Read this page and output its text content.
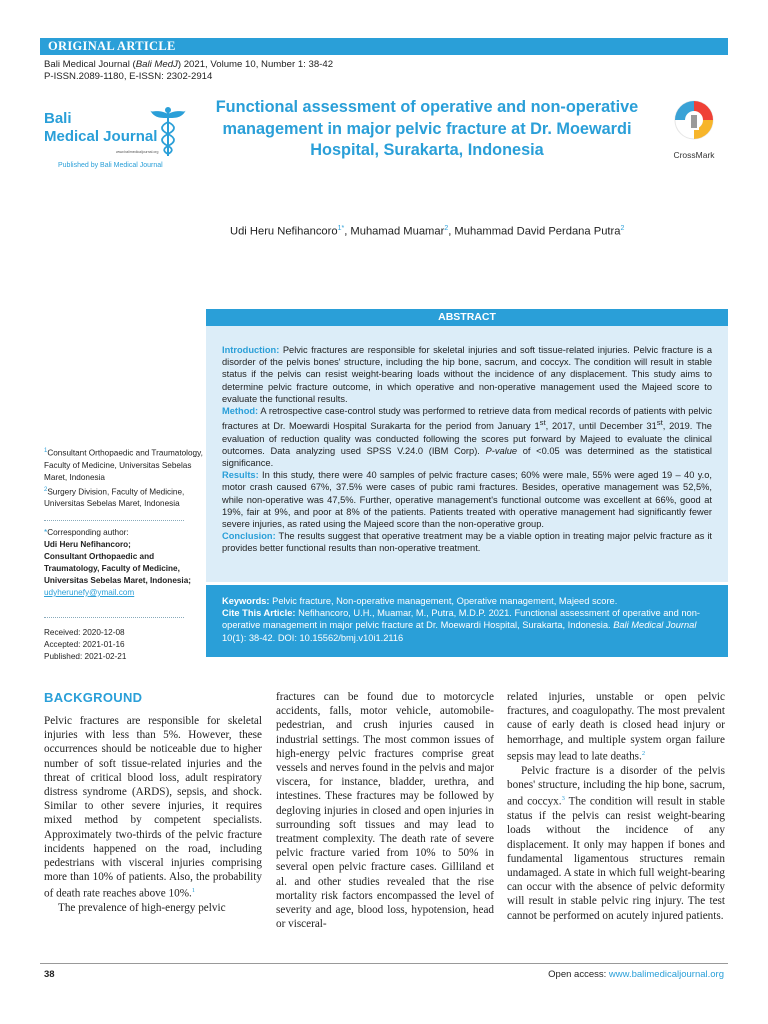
ORIGINAL ARTICLE
Bali Medical Journal (Bali MedJ) 2021, Volume 10, Number 1: 38-42
P-ISSN.2089-1180, E-ISSN: 2302-2914
Bali
Medical Journal
www.balimedicaljournal.org
Published by Bali Medical Journal
Functional assessment of operative and non-operative management in major pelvic fracture at Dr. Moewardi Hospital, Surakarta, Indonesia	CrossMark
Udi Heru Nefihancoro$^{1*}$, Muhamad Muamar$^2$, Muhammad David Perdana Putra$^2$
ABSTRACT

Introduction: Pelvic fractures are responsible for skeletal injuries and soft tissue-related injuries. Pelvic fracture is a disorder of the pelvis bones' structure, including the hip bone, sacrum, and coccyx. The condition will result in stable status if the pelvis can resist weight-bearing loads without the incidence of any displacement. This study aims to determine pelvic fracture outcome, in which operative and non-operative management used the Majeed score to evaluate the functional results.

Method: A retrospective case-control study was performed to retrieve data from medical records of patients with pelvic fractures at Dr. Moewardi Hospital Surakarta for the period from January 1st, 2017, until December 31st, 2019. The evaluation of reduction quality was conducted following the scores put forward by Majeed to evaluate the clinical outcomes. Data analyzing used SPSS V.24.0 (IBM Corp). P-value of <0.05 was determined as the statistical significance.

Results: In this study, there were 40 samples of pelvic fracture cases; 60% were male, 55% were aged 19 – 40 y.o, motor crash caused 67%, 37.5% were cases of pubic rami fractures. Besides, operative management was 52,5%, while non-operative was 47,5%. Further, operative management's functional outcome was excellent at 66%, good at 19%, fair at 9%, and poor at 8% of the patients. Patients treated with operative management had significantly fewer severe injuries, as rated using the Majeed score than the non-operative group.

Conclusion: The results suggest that operative treatment may be a viable option in treating major pelvic fracture as it provides better functional results than non-operative treatment.

Keywords: Pelvic fracture, Non-operative management, Operative management, Majeed score.
Cite This Article: Nefihancoro, U.H., Muamar, M., Putra, M.D.P. 2021. Functional assessment of operative and non-operative management in major pelvic fracture at Dr. Moewardi Hospital, Surakarta, Indonesia. Bali Medical Journal 10(1): 38-42. DOI: 10.15562/bmj.v10i1.2116
$^1$Consultant Orthopaedic and Traumatology, Faculty of Medicine, Universitas Sebelas Maret, Indonesia
$^2$Surgery Division, Faculty of Medicine, Universitas Sebelas Maret, Indonesia
*Corresponding author:
Udi Heru Nefihancoro;
Consultant Orthopaedic and Traumatology, Faculty of Medicine, Universitas Sebelas Maret, Indonesia;
udyherunefy@ymail.com
Received: 2020-12-08
Accepted: 2021-01-16
Published: 2021-02-21
BACKGROUND

Pelvic fractures are responsible for skeletal injuries with less than 5%. However, these occurrences should be noticeable due to higher number of soft tissue-related injuries and the threat of critical blood loss, adult respiratory distress syndrome (ARDS), sepsis, and shock. Similar to other severe injuries, it requires mixed method by competent specialists. Approximately two-thirds of the pelvic fracture incidents happened on the road, including pedestrians with visceral injuries comprising more than 10% of patients. Also, the probability of death rate reaches above 10%.$^1$

The prevalence of high-energy pelvic

fractures can be found due to motorcycle accidents, falls, motor vehicle, automobile-pedestrian, and crush injuries caused in industrial settings. The most common issues of high-energy pelvic fractures comprise great vessels and nerves found in the pelvis and major viscera, for instance, bladder, urethra, and intestines. These fractures may be followed by degloving injuries in closed and open injuries in surrounding soft tissues and may lead to treatment complexity. The death rate of severe pelvic fracture varied from 10% to 50% in several open pelvic fracture cases. Gilliland et al. and other studies revealed that the rise mortality risk factors encompassed the level of severity and age, blood loss, hypotension, head or visceral-

related injuries, unstable or open pelvic fractures, and coagulopathy. The most prevalent cause of early death is closed head injury or hemorrhage, and multiple system organ failure sepsis may lead to late deaths.$^2$

Pelvic fracture is a disorder of the pelvis bones' structure, including the hip bone, sacrum, and coccyx.$^3$ The condition will result in stable status if the pelvis can resist weight-bearing loads without the incidence of any displacement. It only may happen if bones and fundamental ligamentous structures remain undamaged. A state in which full weight-bearing can occur with the absence of pelvic deformity will result in stable pelvic ring injury. The test cannot be performed on acutely injured patients.

38	Open access: www.balimedicaljournal.org
